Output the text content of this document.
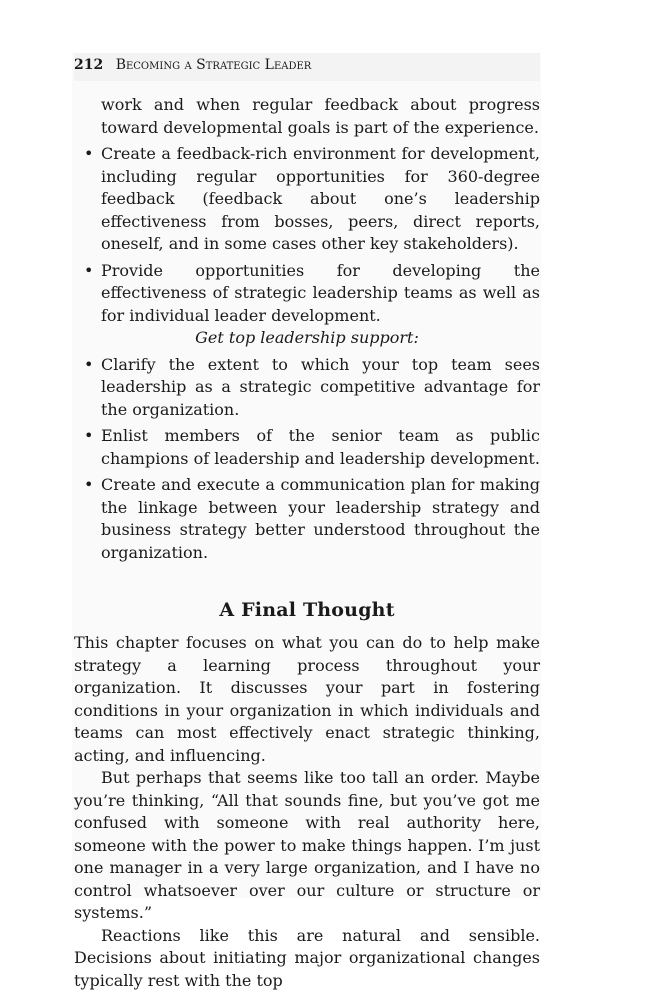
212 Becoming a Strategic Leader

work and when regular feedback about progress toward developmental goals is part of the experience.

• Create a feedback-rich environment for development, including regular opportunities for 360-degree feedback (feedback about one’s leadership effectiveness from bosses, peers, direct reports, oneself, and in some cases other key stakeholders).
• Provide opportunities for developing the effectiveness of strategic leadership teams as well as for individual leader development.

Get top leadership support:

• Clarify the extent to which your top team sees leadership as a strategic competitive advantage for the organization.
• Enlist members of the senior team as public champions of leadership and leadership development.
• Create and execute a communication plan for making the linkage between your leadership strategy and business strategy better understood throughout the organization.
A Final Thought

This chapter focuses on what you can do to help make strategy a learning process throughout your organization. It discusses your part in fostering conditions in your organization in which individuals and teams can most effectively enact strategic thinking, acting, and influencing.

But perhaps that seems like too tall an order. Maybe you’re thinking, “All that sounds fine, but you’ve got me confused with someone with real authority here, someone with the power to make things happen. I’m just one manager in a very large organization, and I have no control whatsoever over our culture or structure or systems.”

Reactions like this are natural and sensible. Decisions about initiating major organizational changes typically rest with the top
